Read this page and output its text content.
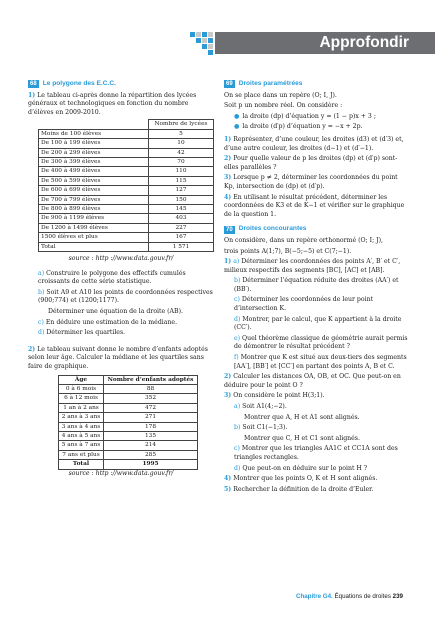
Approfondir
68 Le polygone des E.C.C.
1) Le tableau ci-après donne la répartition des lycées généraux et technologiques en fonction du nombre d’élèves en 2009-2010.
	Nombre de lycées
Moins de 100 élèves	5
De 100 à 199 élèves	10
De 200 à 299 élèves	42
De 300 à 399 élèves	70
De 400 à 499 élèves	110
De 500 à 599 élèves	115
De 600 à 699 élèves	127
De 700 à 799 élèves	150
De 800 à 899 élèves	145
De 900 à 1199 élèves	403
De 1200 à 1499 élèves	227
1500 élèves et plus	167
Total	1 571
source : http ://www.data.gouv.fr/
a) Construire le polygone des effectifs cumulés croissants de cette série statistique.
b) Soit A9 et A10 les points de coordonnées respectives (900;774) et (1200;1177).
Déterminer une équation de la droite (AB).
c) En déduire une estimation de la médiane.
d) Déterminer les quartiles.
2) Le tableau suivant donne le nombre d’enfants adoptés selon leur âge. Calculer la médiane et les quartiles sans faire de graphique.
Âge	Nombre d’enfants adoptés
0 à 6 mois	88
6 à 12 mois	352
1 an à 2 ans	472
2 ans à 3 ans	271
3 ans à 4 ans	178
4 ans à 5 ans	135
5 ans à 7 ans	214
7 ans et plus	285
Total	1995
source : http ://www.data.gouv.fr/
69 Droites paramétrées
On se place dans un repère (O; I, J).
Soit p un nombre réel. On considère :
● la droite (dp) d’équation y = (1 − p)x + 3 ;
● la droite (d′p) d’équation y = −x + 2p.
1) Représenter, d’une couleur, les droites (d3) et (d′3) et, d’une autre couleur, les droites (d−1) et (d′−1).
2) Pour quelle valeur de p les droites (dp) et (d′p) sont-elles parallèles ?
3) Lorsque p ≠ 2, déterminer les coordonnées du point Kp, intersection de (dp) et (d′p).
4) En utilisant le résultat précédent, déterminer les coordonnées de K3 et de K−1 et vérifier sur le graphique de la question 1.
70 Droites concourantes
On considère, dans un repère orthonormé (O; I; J),
trois points A(1;7), B(−5;−5) et C(7;−1).
1) a) Déterminer les coordonnées des points A′, B′ et C′, milieux respectifs des segments [BC], [AC] et [AB].
b) Déterminer l’équation réduite des droites (AA′) et (BB′).
c) Déterminer les coordonnées de leur point d’intersection K.
d) Montrer, par le calcul, que K appartient à la droite (CC′).
e) Quel théorème classique de géométrie aurait permis de démontrer le résultat précédent ?
f) Montrer que K est situé aux deux-tiers des segments [AA′], [BB′] et [CC′] en partant des points A, B et C.
2) Calculer les distances OA, OB, et OC. Que peut-on en déduire pour le point O ?
3) On considère le point H(3;1).
a) Soit A1(4;−2).
Montrer que A, H et A1 sont alignés.
b) Soit C1(−1;3).
Montrer que C, H et C1 sont alignés.
c) Montrer que les triangles AA1C et CC1A sont des triangles rectangles.
d) Que peut-on en déduire sur le point H ?
4) Montrer que les points O, K et H sont alignés.
5) Rechercher la définition de la droite d’Euler.
Chapitre G4. Équations de droites 239
